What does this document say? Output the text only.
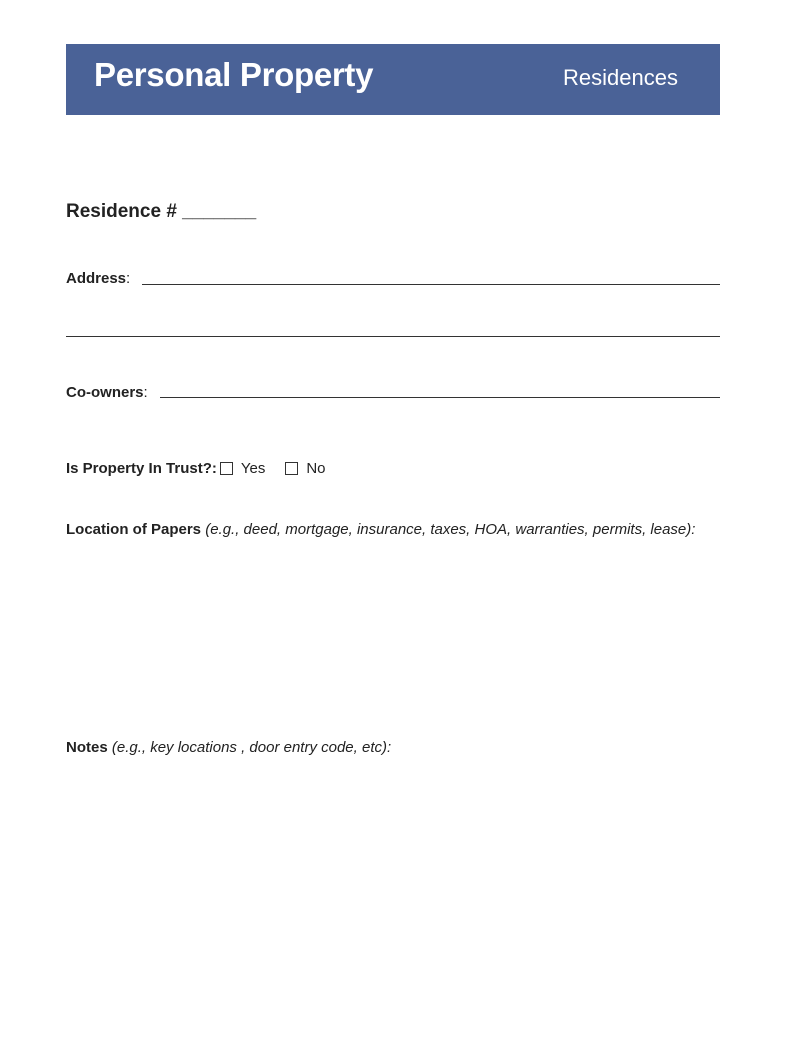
Personal Property	Residences
Residence # _______
Address:
Co-owners:
Is Property In Trust?: Yes	No
Location of Papers (e.g., deed, mortgage, insurance, taxes, HOA, warranties, permits, lease):
Notes (e.g., key locations , door entry code, etc):
